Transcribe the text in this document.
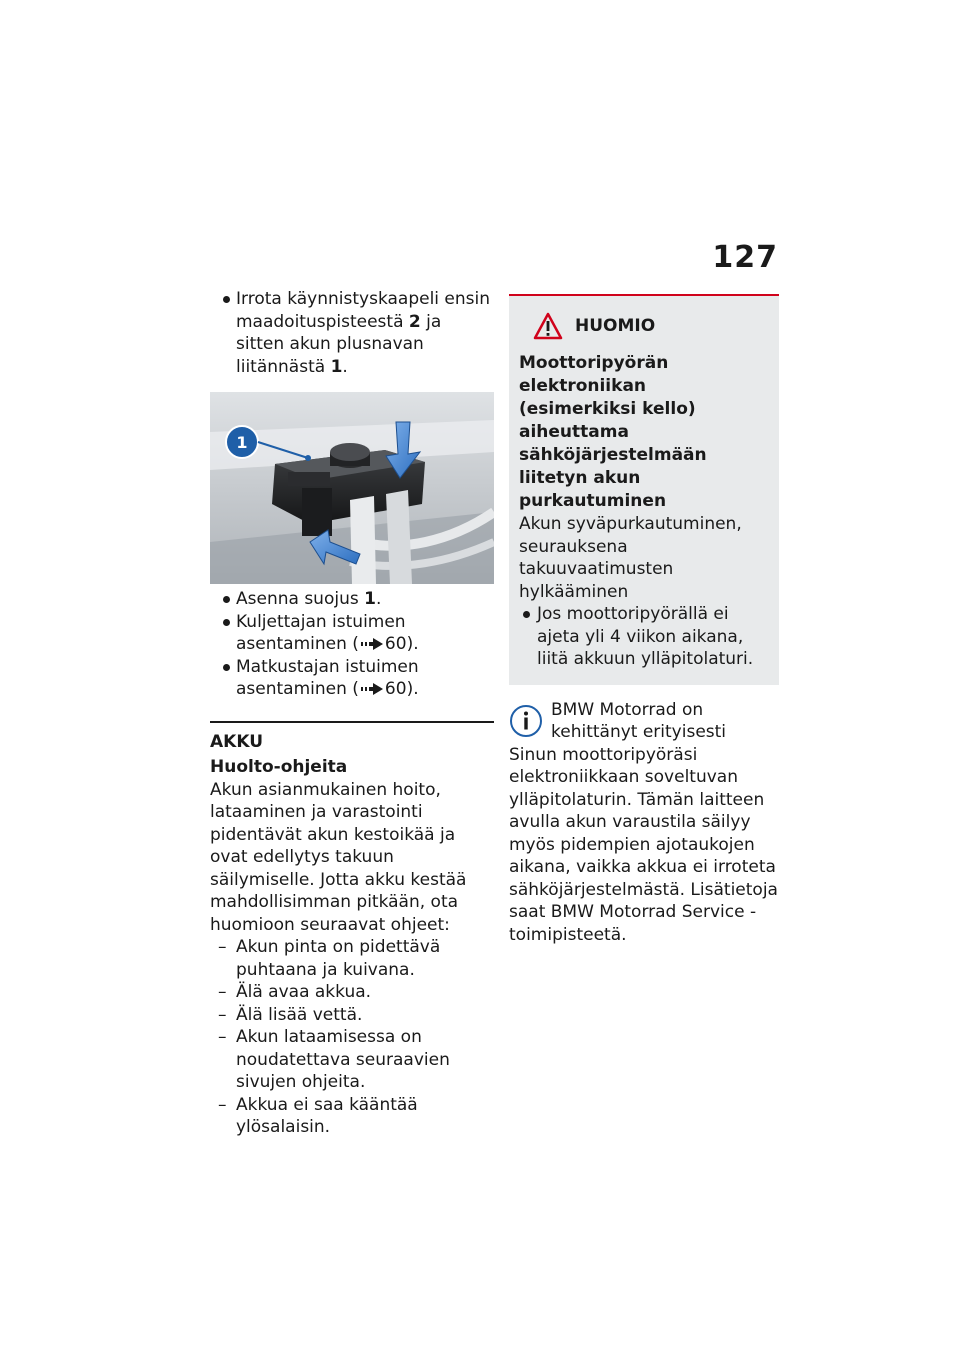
127
Irrota käynnistyskaapeli ensin maadoituspisteestä 2 ja sitten akun plusnavan liitännästä 1.
1
Asenna suojus 1.
Kuljettajan istuimen asentaminen ( 60).
Matkustajan istuimen asentaminen ( 60).
AKKU
Huolto-ohjeita
Akun asianmukainen hoito, lataaminen ja varastointi pidentävät akun kestoikää ja ovat edellytys takuun säilymiselle. Jotta akku kestää mahdollisimman pitkään, ota huomioon seuraavat ohjeet:
– Akun pinta on pidettävä puhtaana ja kuivana.
– Älä avaa akkua.
– Älä lisää vettä.
– Akun lataamisessa on noudatettava seuraavien sivujen ohjeita.
– Akkua ei saa kääntää ylösalaisin.
HUOMIO
Moottoripyörän elektroniikan (esimerkiksi kello) aiheuttama sähköjärjestelmään liitetyn akun purkautuminen
Akun syväpurkautuminen, seurauksena takuuvaatimusten hylkääminen
Jos moottoripyörällä ei ajeta yli 4 viikon aikana, liitä akkuun ylläpitolaturi.
BMW Motorrad on kehittänyt erityisesti Sinun moottoripyöräsi elektroniikkaan soveltuvan ylläpitolaturin. Tämän laitteen avulla akun varaustila säilyy myös pidempien ajotaukojen aikana, vaikka akkua ei irroteta sähköjärjestelmästä. Lisätietoja saat BMW Motorrad Service -toimipisteetä.
